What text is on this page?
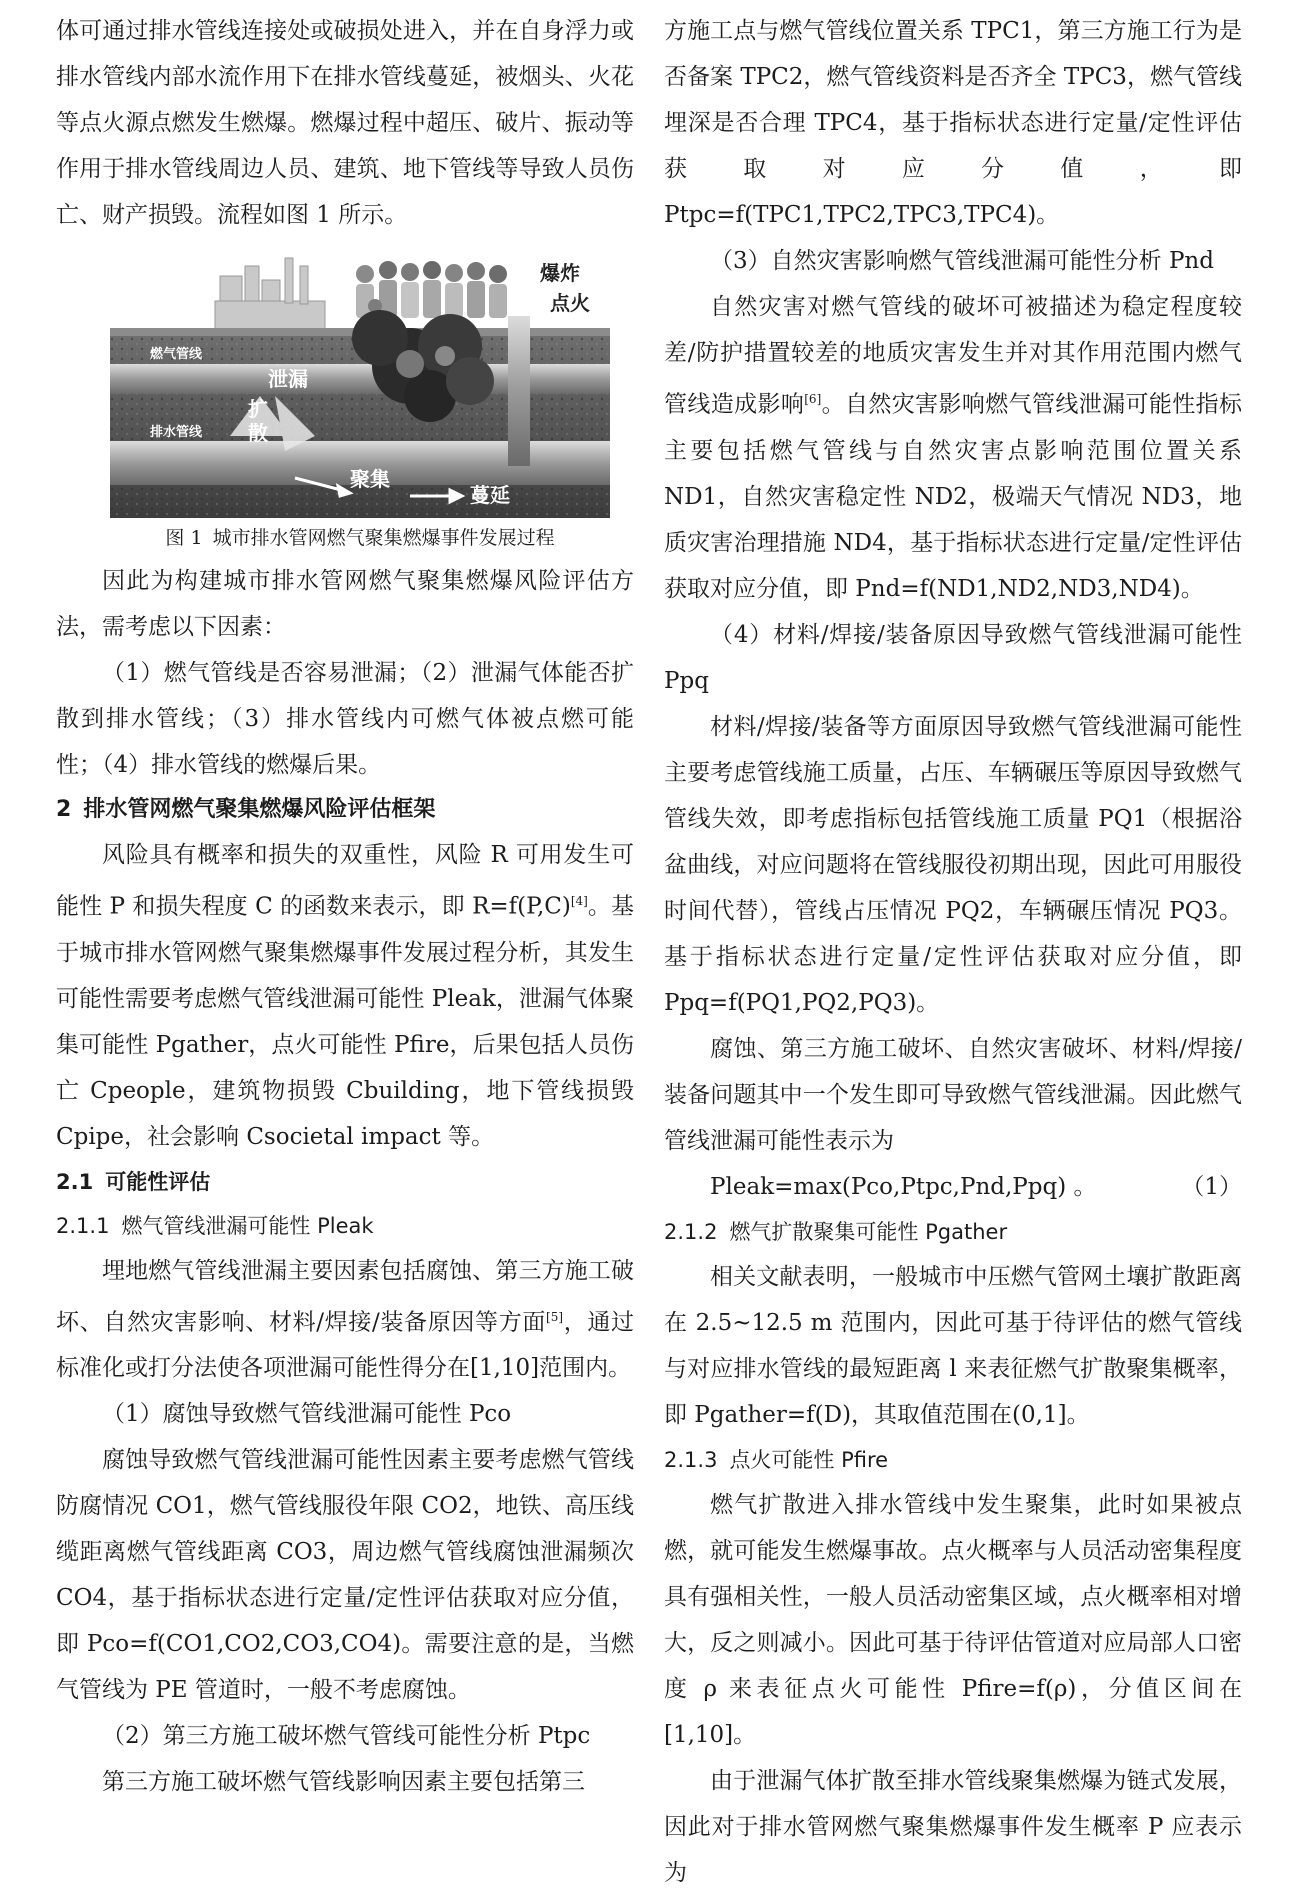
体可通过排水管线连接处或破损处进入，并在自身浮力或排水管线内部水流作用下在排水管线蔓延，被烟头、火花等点火源点燃发生燃爆。燃爆过程中超压、破片、振动等作用于排水管线周边人员、建筑、地下管线等导致人员伤亡、财产损毁。流程如图 1 所示。

燃气管线
排水管线
泄漏
扩
散
聚集
蔓延
爆炸
点火
图 1 城市排水管网燃气聚集燃爆事件发展过程

因此为构建城市排水管网燃气聚集燃爆风险评估方法，需考虑以下因素：

（1）燃气管线是否容易泄漏；（2）泄漏气体能否扩散到排水管线；（3）排水管线内可燃气体被点燃可能性；（4）排水管线的燃爆后果。

2 排水管网燃气聚集燃爆风险评估框架

风险具有概率和损失的双重性，风险 R 可用发生可能性 P 和损失程度 C 的函数来表示，即 R=f(P,C)[4]。基于城市排水管网燃气聚集燃爆事件发展过程分析，其发生可能性需要考虑燃气管线泄漏可能性 Pleak，泄漏气体聚集可能性 Pgather，点火可能性 Pfire，后果包括人员伤亡 Cpeople，建筑物损毁 Cbuilding，地下管线损毁 Cpipe，社会影响 Csocietal impact 等。

2.1 可能性评估

2.1.1 燃气管线泄漏可能性 Pleak

埋地燃气管线泄漏主要因素包括腐蚀、第三方施工破坏、自然灾害影响、材料/焊接/装备原因等方面[5]，通过标准化或打分法使各项泄漏可能性得分在[1,10]范围内。

（1）腐蚀导致燃气管线泄漏可能性 Pco

腐蚀导致燃气管线泄漏可能性因素主要考虑燃气管线防腐情况 CO1，燃气管线服役年限 CO2，地铁、高压线缆距离燃气管线距离 CO3，周边燃气管线腐蚀泄漏频次 CO4，基于指标状态进行定量/定性评估获取对应分值，即 Pco=f(CO1,CO2,CO3,CO4)。需要注意的是，当燃气管线为 PE 管道时，一般不考虑腐蚀。

（2）第三方施工破坏燃气管线可能性分析 Ptpc

第三方施工破坏燃气管线影响因素主要包括第三

方施工点与燃气管线位置关系 TPC1，第三方施工行为是否备案 TPC2，燃气管线资料是否齐全 TPC3，燃气管线埋深是否合理 TPC4，基于指标状态进行定量/定性评估获取对应分值，即 Ptpc=f(TPC1,TPC2,TPC3,TPC4)。

（3）自然灾害影响燃气管线泄漏可能性分析 Pnd

自然灾害对燃气管线的破坏可被描述为稳定程度较差/防护措置较差的地质灾害发生并对其作用范围内燃气管线造成影响[6]。自然灾害影响燃气管线泄漏可能性指标主要包括燃气管线与自然灾害点影响范围位置关系 ND1，自然灾害稳定性 ND2，极端天气情况 ND3，地质灾害治理措施 ND4，基于指标状态进行定量/定性评估获取对应分值，即 Pnd=f(ND1,ND2,ND3,ND4)。

（4）材料/焊接/装备原因导致燃气管线泄漏可能性 Ppq

材料/焊接/装备等方面原因导致燃气管线泄漏可能性主要考虑管线施工质量，占压、车辆碾压等原因导致燃气管线失效，即考虑指标包括管线施工质量 PQ1（根据浴盆曲线，对应问题将在管线服役初期出现，因此可用服役时间代替），管线占压情况 PQ2，车辆碾压情况 PQ3。基于指标状态进行定量/定性评估获取对应分值，即 Ppq=f(PQ1,PQ2,PQ3)。

腐蚀、第三方施工破坏、自然灾害破坏、材料/焊接/装备问题其中一个发生即可导致燃气管线泄漏。因此燃气管线泄漏可能性表示为

Pleak=max(Pco,Ptpc,Pnd,Ppq) 。	（1）

2.1.2 燃气扩散聚集可能性 Pgather

相关文献表明，一般城市中压燃气管网土壤扩散距离在 2.5~12.5 m 范围内，因此可基于待评估的燃气管线与对应排水管线的最短距离 l 来表征燃气扩散聚集概率，即 Pgather=f(D)，其取值范围在(0,1]。

2.1.3 点火可能性 Pfire

燃气扩散进入排水管线中发生聚集，此时如果被点燃，就可能发生燃爆事故。点火概率与人员活动密集程度具有强相关性，一般人员活动密集区域，点火概率相对增大，反之则减小。因此可基于待评估管道对应局部人口密度 ρ 来表征点火可能性 Pfire=f(ρ)，分值区间在[1,10]。

由于泄漏气体扩散至排水管线聚集燃爆为链式发展，因此对于排水管网燃气聚集燃爆事件发生概率 P 应表示为
